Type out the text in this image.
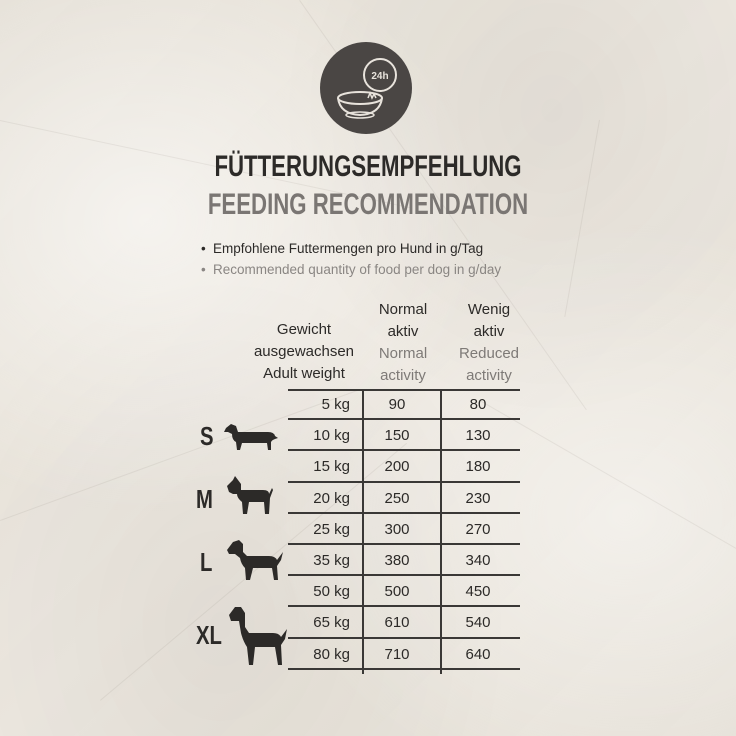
24h
FÜTTERUNGSEMPFEHLUNG
FEEDING RECOMMENDATION
• Empfohlene Futtermengen pro Hund in g/Tag
• Recommended quantity of food per dog in g/day
Gewicht
ausgewachsen
Adult weight
Normal
aktiv
Normal
activity
Wenig
aktiv
Reduced
activity
5 kg	90	80
10 kg	150	130
15 kg	200	180
20 kg	250	230
25 kg	300	270
35 kg	380	340
50 kg	500	450
65 kg	610	540
80 kg	710	640
S
M
L
XL
